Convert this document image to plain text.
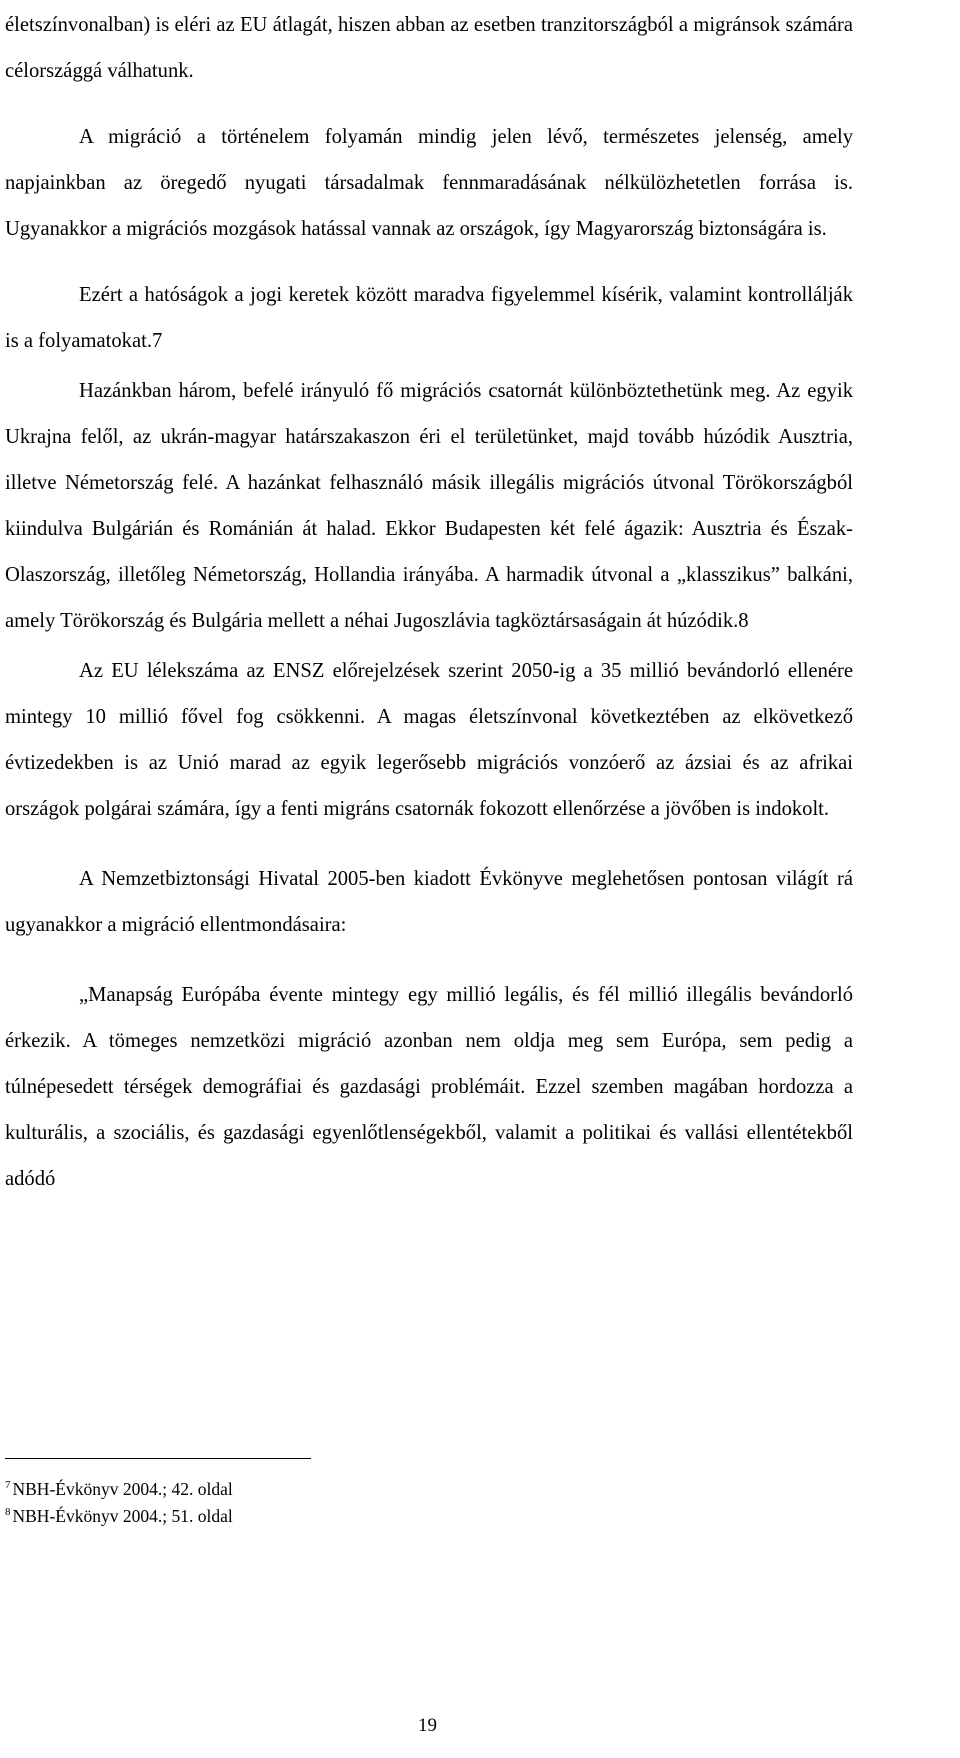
életszínvonalban) is eléri az EU átlagát, hiszen abban az esetben tranzitországból a migránsok számára célországgá válhatunk.

A migráció a történelem folyamán mindig jelen lévő, természetes jelenség, amely napjainkban az öregedő nyugati társadalmak fennmaradásának nélkülözhetetlen forrása is. Ugyanakkor a migrációs mozgások hatással vannak az országok, így Magyarország biztonságára is.

Ezért a hatóságok a jogi keretek között maradva figyelemmel kísérik, valamint kontrollálják is a folyamatokat.7

Hazánkban három, befelé irányuló fő migrációs csatornát különböztethetünk meg. Az egyik Ukrajna felől, az ukrán-magyar határszakaszon éri el területünket, majd tovább húzódik Ausztria, illetve Németország felé. A hazánkat felhasználó másik illegális migrációs útvonal Törökországból kiindulva Bulgárián és Románián át halad. Ekkor Budapesten két felé ágazik: Ausztria és Észak-Olaszország, illetőleg Németország, Hollandia irányába. A harmadik útvonal a „klasszikus” balkáni, amely Törökország és Bulgária mellett a néhai Jugoszlávia tagköztársaságain át húzódik.8

Az EU lélekszáma az ENSZ előrejelzések szerint 2050-ig a 35 millió bevándorló ellenére mintegy 10 millió fővel fog csökkenni. A magas életszínvonal következtében az elkövetkező évtizedekben is az Unió marad az egyik legerősebb migrációs vonzóerő az ázsiai és az afrikai országok polgárai számára, így a fenti migráns csatornák fokozott ellenőrzése a jövőben is indokolt.

A Nemzetbiztonsági Hivatal 2005-ben kiadott Évkönyve meglehetősen pontosan világít rá ugyanakkor a migráció ellentmondásaira:

„Manapság Európába évente mintegy egy millió legális, és fél millió illegális bevándorló érkezik. A tömeges nemzetközi migráció azonban nem oldja meg sem Európa, sem pedig a túlnépesedett térségek demográfiai és gazdasági problémáit. Ezzel szemben magában hordozza a kulturális, a szociális, és gazdasági egyenlőtlenségekből, valamit a politikai és vallási ellentétekből adódó

$^7$ NBH-Évkönyv 2004.; 42. oldal

$^8$ NBH-Évkönyv 2004.; 51. oldal

19
